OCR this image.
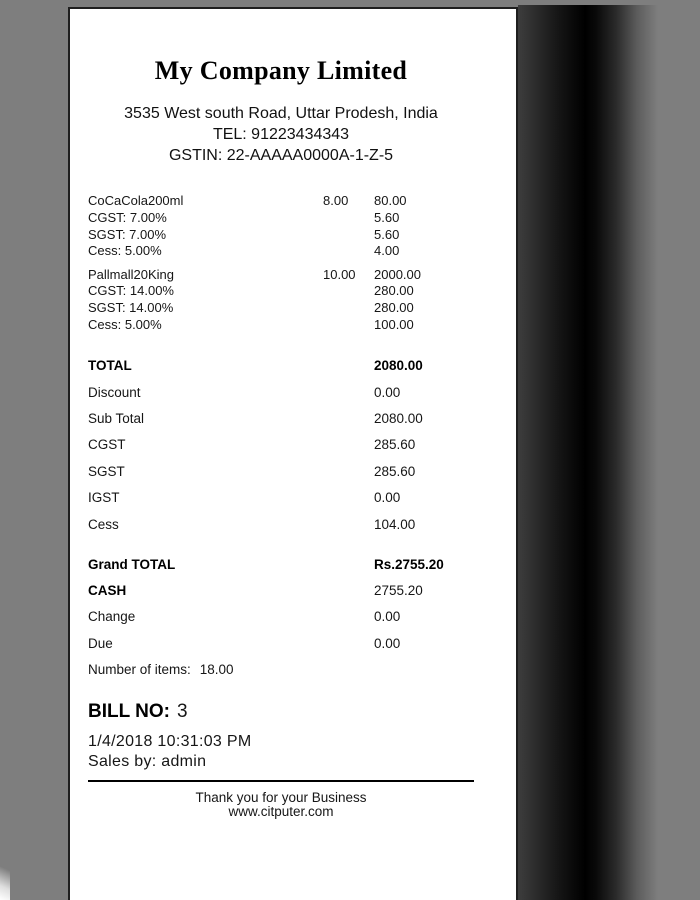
My Company Limited
3535 West south Road, Uttar Prodesh, India
TEL: 91223434343
GSTIN: 22-AAAAA0000A-1-Z-5
CoCaCola200ml	8.00 80.00
CGST: 7.00%	5.60
SGST: 7.00%	5.60
Cess: 5.00%	4.00
Pallmall20King	10.00 2000.00
CGST: 14.00%	280.00
SGST: 14.00%	280.00
Cess: 5.00%	100.00
TOTAL	2080.00
Discount	0.00
Sub Total	2080.00
CGST	285.60
SGST	285.60
IGST	0.00
Cess	104.00
Grand TOTAL	Rs.2755.20
CASH	2755.20
Change	0.00
Due	0.00
Number of items: 18.00
BILL NO: 3
1/4/2018 10:31:03 PM
Sales by: admin
Thank you for your Business
www.citputer.com
